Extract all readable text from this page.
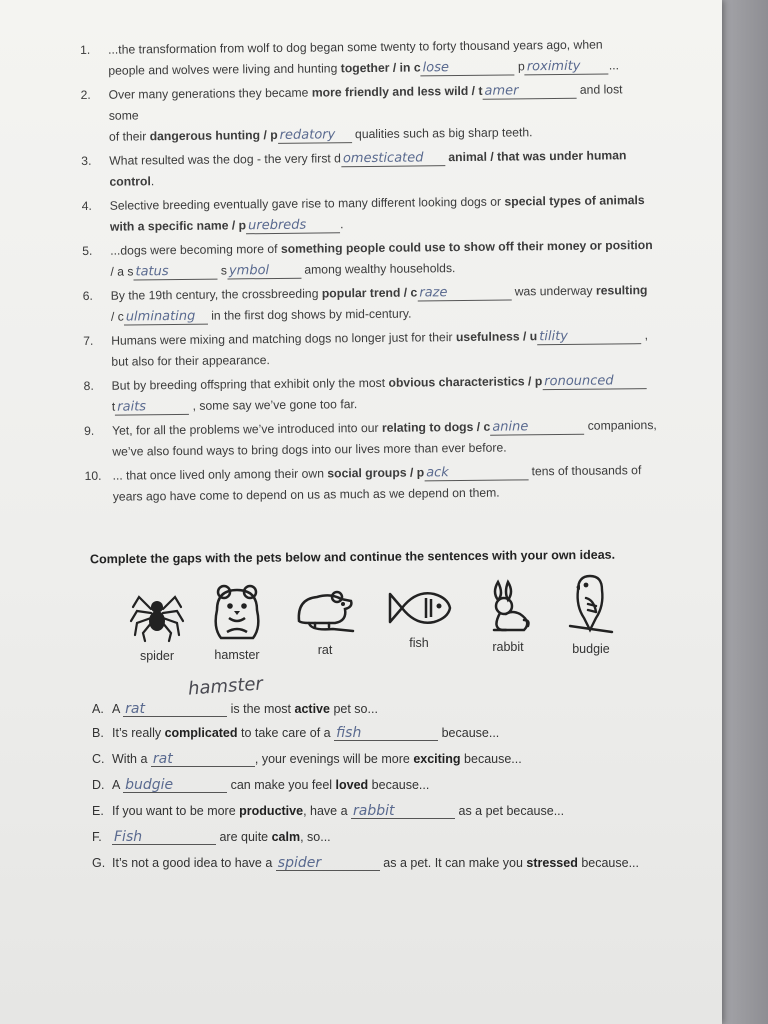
1. ...the transformation from wolf to dog began some twenty to forty thousand years ago, when
people and wolves were living and hunting together / in c lose	p roximity ...
2. Over many generations they became more friendly and less wild / t amer	and lost some
of their dangerous hunting / p redatory qualities such as big sharp teeth.
3. What resulted was the dog - the very first d omesticated animal / that was under human
control.
4. Selective breeding eventually gave rise to many different looking dogs or special types of animals
with a specific name / p urebreds	.
5. ...dogs were becoming more of something people could use to show off their money or position
/ a s tatus	s ymbol	among wealthy households.
6. By the 19th century, the crossbreeding popular trend / c raze	was underway resulting
/ c ulminating in the first dog shows by mid-century.
7. Humans were mixing and matching dogs no longer just for their usefulness / u tility	,
but also for their appearance.
8. But by breeding offspring that exhibit only the most obvious characteristics / p ronounced
t raits	, some say we’ve gone too far.
9. Yet, for all the problems we’ve introduced into our relating to dogs / c anine	companions,
we’ve also found ways to bring dogs into our lives more than ever before.
10. ... that once lived only among their own social groups / p ack	tens of thousands of
years ago have come to depend on us as much as we depend on them.
Complete the gaps with the pets below and continue the sentences with your own ideas.
spider	hamster	rat	fish	rabbit	budgie
hamster
A. A rat	is the most active pet so...
B. It’s really complicated to take care of a fish	because...
C. With a rat	, your evenings will be more exciting because...
D. A budgie	can make you feel loved because...
E. If you want to be more productive, have a rabbit	as a pet because...
F. Fish	are quite calm, so...
G. It’s not a good idea to have a spider	as a pet. It can make you stressed because...
